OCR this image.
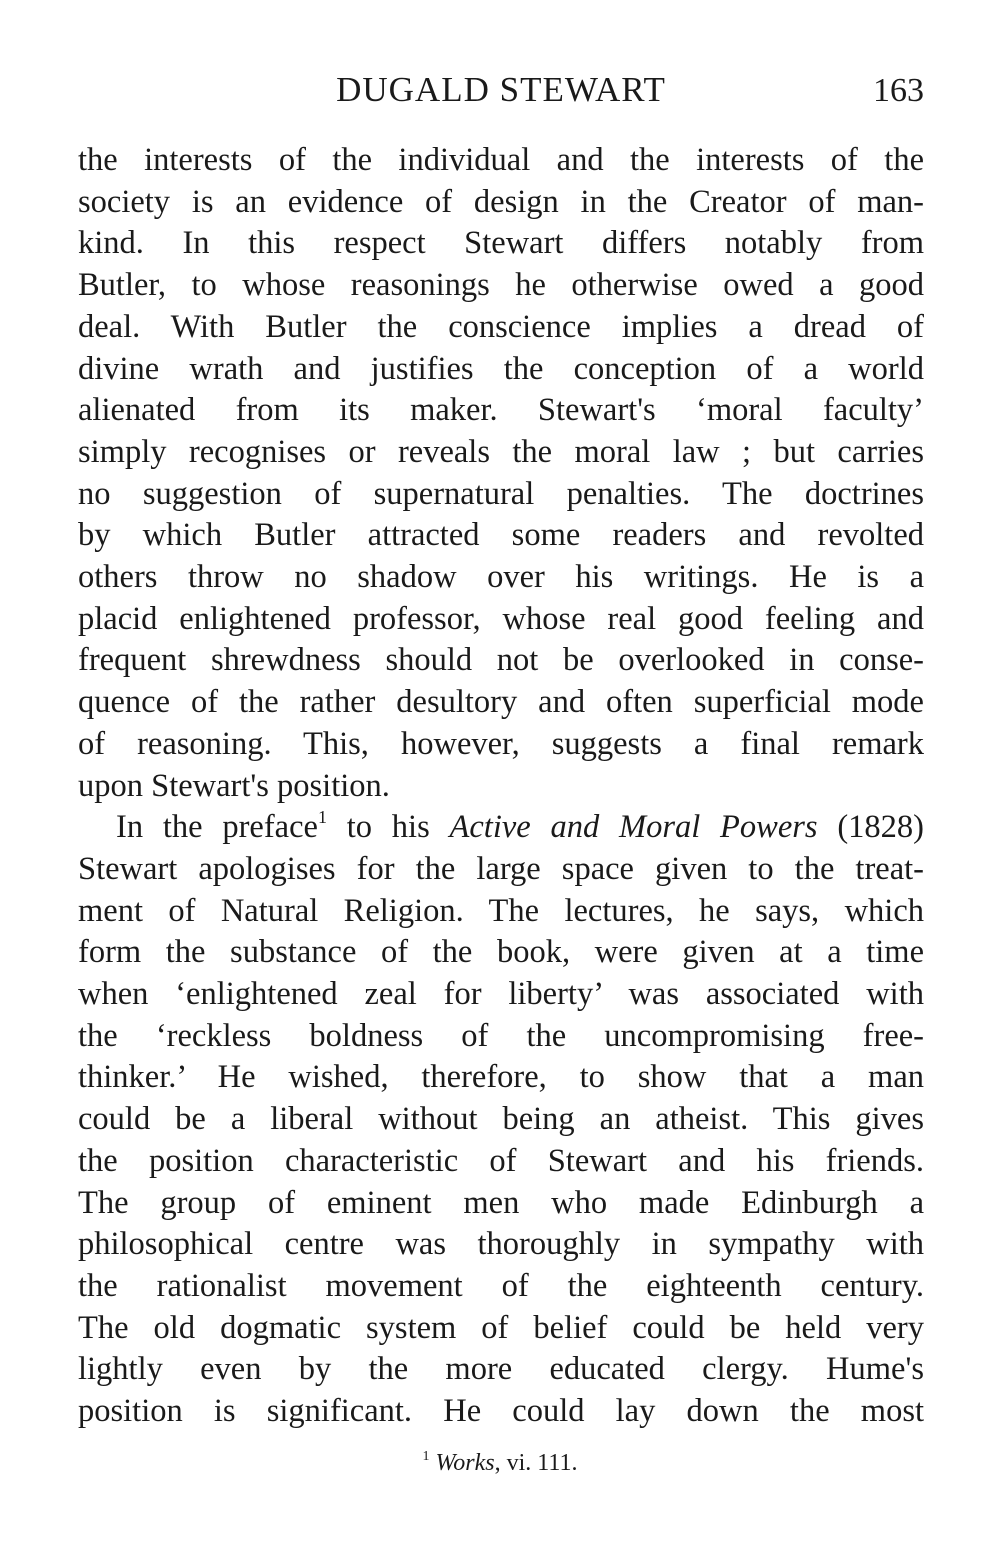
DUGALD STEWART	163

the interests of the individual and the interests of the
society is an evidence of design in the Creator of man-
kind. In this respect Stewart differs notably from
Butler, to whose reasonings he otherwise owed a good
deal. With Butler the conscience implies a dread of
divine wrath and justifies the conception of a world
alienated from its maker. Stewart's ‘moral faculty’
simply recognises or reveals the moral law ; but carries
no suggestion of supernatural penalties. The doctrines
by which Butler attracted some readers and revolted
others throw no shadow over his writings. He is a
placid enlightened professor, whose real good feeling and
frequent shrewdness should not be overlooked in conse-
quence of the rather desultory and often superficial mode
of reasoning. This, however, suggests a final remark
upon Stewart's position.

In the preface$^1$ to his Active and Moral Powers (1828)
Stewart apologises for the large space given to the treat-
ment of Natural Religion. The lectures, he says, which
form the substance of the book, were given at a time
when ‘enlightened zeal for liberty’ was associated with
the ‘reckless boldness of the uncompromising free-
thinker.’ He wished, therefore, to show that a man
could be a liberal without being an atheist. This gives
the position characteristic of Stewart and his friends.
The group of eminent men who made Edinburgh a
philosophical centre was thoroughly in sympathy with
the rationalist movement of the eighteenth century.
The old dogmatic system of belief could be held very
lightly even by the more educated clergy. Hume's
position is significant. He could lay down the most

$^1$ Works, vi. 111.
